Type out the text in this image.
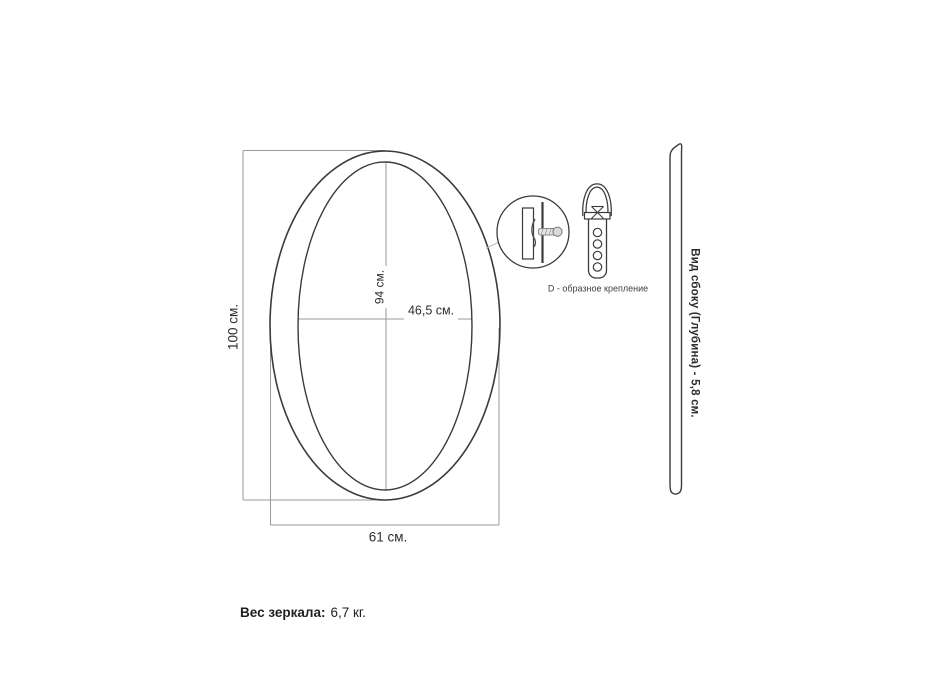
100 см.
94 см.
46,5 см.
61 см.
D - образное крепление	Вид сбоку (Глубина) - 5,8 см.
Вес зеркала: 6,7 кг.
